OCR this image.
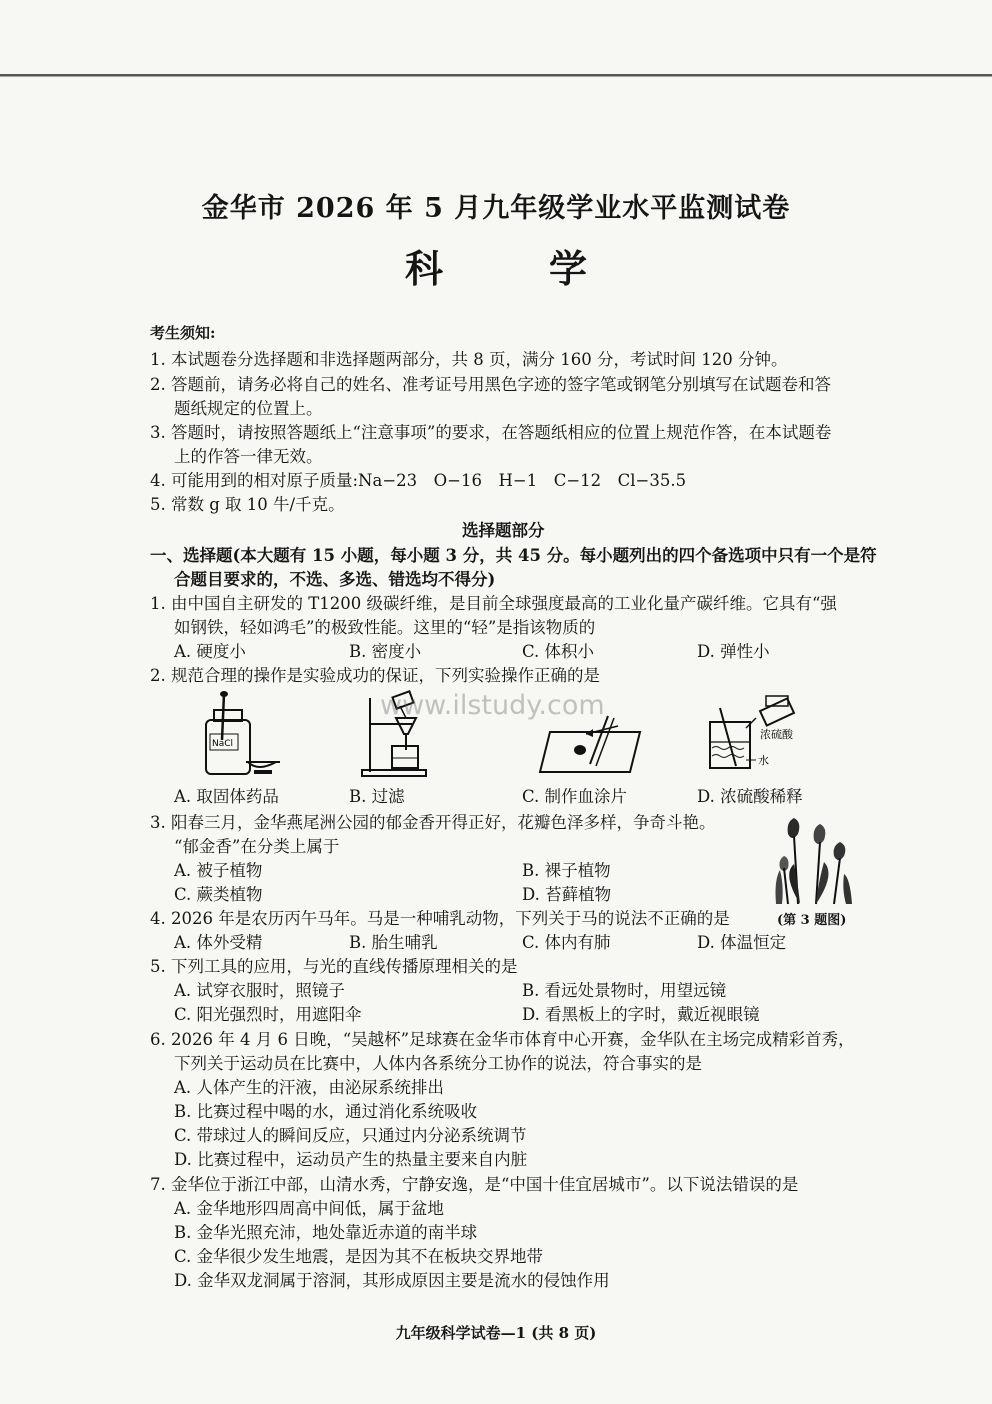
金华市 2026 年 5 月九年级学业水平监测试卷
科　学
考生须知:
1. 本试题卷分选择题和非选择题两部分，共 8 页，满分 160 分，考试时间 120 分钟。
2. 答题前，请务必将自己的姓名、准考证号用黑色字迹的签字笔或钢笔分别填写在试题卷和答
题纸规定的位置上。
3. 答题时，请按照答题纸上“注意事项”的要求，在答题纸相应的位置上规范作答，在本试题卷
上的作答一律无效。
4. 可能用到的相对原子质量:Na−23　O−16　H−1　C−12　Cl−35.5
5. 常数 g 取 10 牛/千克。
选择题部分
一、选择题(本大题有 15 小题，每小题 3 分，共 45 分。每小题列出的四个备选项中只有一个是符
合题目要求的，不选、多选、错选均不得分)
1. 由中国自主研发的 T1200 级碳纤维，是目前全球强度最高的工业化量产碳纤维。它具有“强
如钢铁，轻如鸿毛”的极致性能。这里的“轻”是指该物质的
A. 硬度小	B. 密度小	C. 体积小	D. 弹性小
2. 规范合理的操作是实验成功的保证，下列实验操作正确的是
NaCl
浓硫酸
水
A. 取固体药品	B. 过滤	C. 制作血涂片	D. 浓硫酸稀释
3. 阳春三月，金华燕尾洲公园的郁金香开得正好，花瓣色泽多样，争奇斗艳。
“郁金香”在分类上属于
A. 被子植物	B. 裸子植物
C. 蕨类植物	D. 苔藓植物
(第 3 题图)
4. 2026 年是农历丙午马年。马是一种哺乳动物，下列关于马的说法不正确的是
A. 体外受精	B. 胎生哺乳	C. 体内有肺	D. 体温恒定
5. 下列工具的应用，与光的直线传播原理相关的是
A. 试穿衣服时，照镜子	B. 看远处景物时，用望远镜
C. 阳光强烈时，用遮阳伞	D. 看黑板上的字时，戴近视眼镜
6. 2026 年 4 月 6 日晚，“吴越杯”足球赛在金华市体育中心开赛，金华队在主场完成精彩首秀，
下列关于运动员在比赛中，人体内各系统分工协作的说法，符合事实的是
A. 人体产生的汗液，由泌尿系统排出
B. 比赛过程中喝的水，通过消化系统吸收
C. 带球过人的瞬间反应，只通过内分泌系统调节
D. 比赛过程中，运动员产生的热量主要来自内脏
7. 金华位于浙江中部，山清水秀，宁静安逸，是“中国十佳宜居城市”。以下说法错误的是
A. 金华地形四周高中间低，属于盆地
B. 金华光照充沛，地处靠近赤道的南半球
C. 金华很少发生地震，是因为其不在板块交界地带
D. 金华双龙洞属于溶洞，其形成原因主要是流水的侵蚀作用
www.ilstudy.com
九年级科学试卷—1 (共 8 页)
